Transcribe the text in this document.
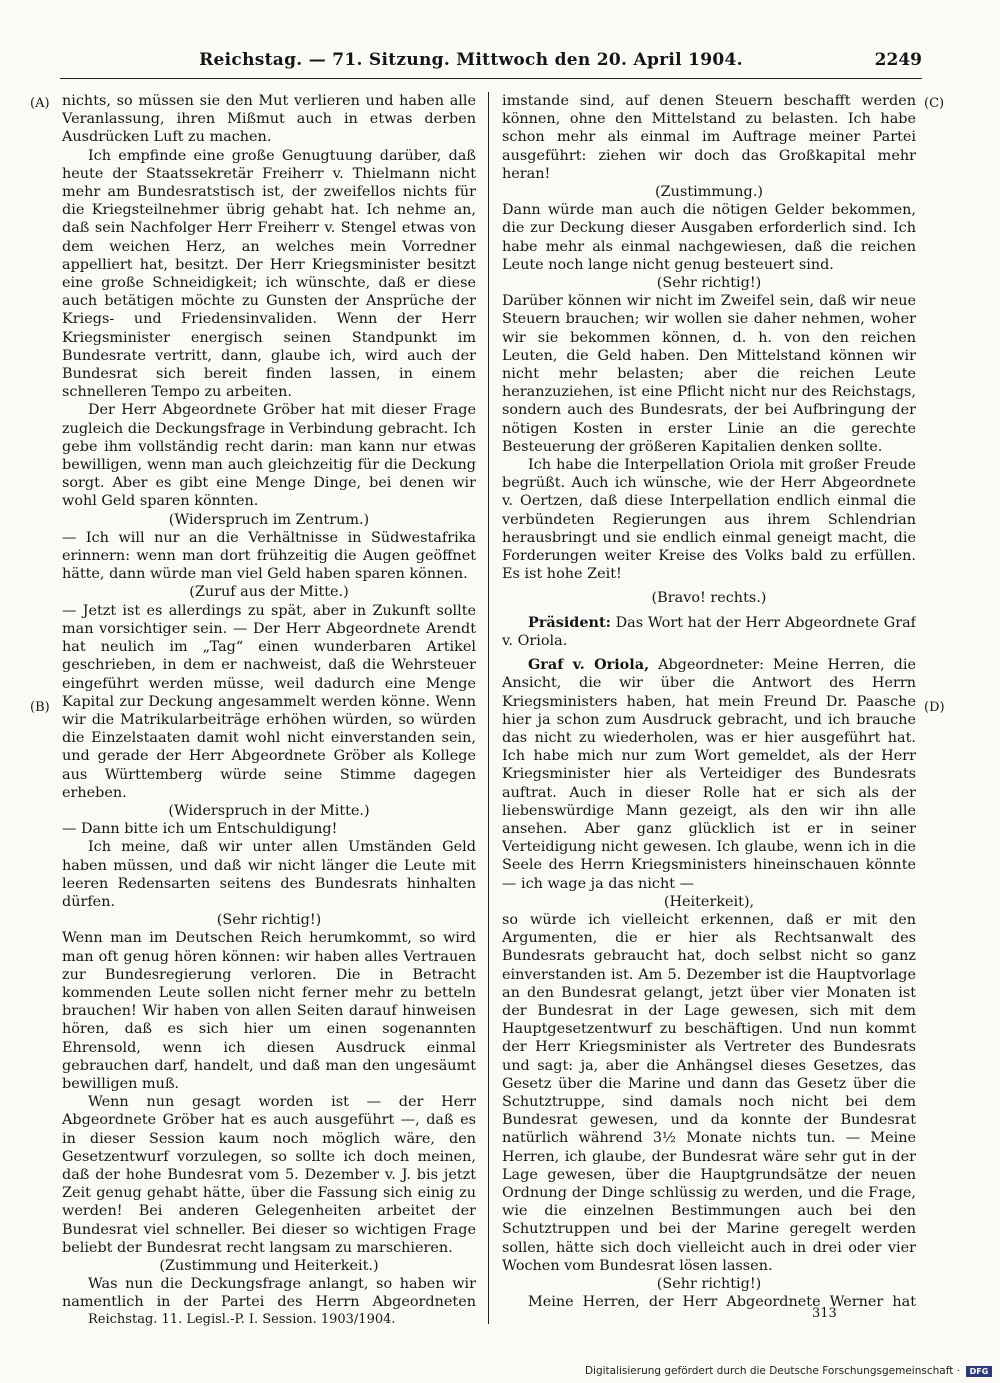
Reichstag. — 71. Sitzung. Mittwoch den 20. April 1904.	2249
(A)
(B)
(C)
(D)

nichts, so müssen sie den Mut verlieren und haben alle Veranlassung, ihren Mißmut auch in etwas derben Ausdrücken Luft zu machen.

Ich empfinde eine große Genugtuung darüber, daß heute der Staatssekretär Freiherr v. Thielmann nicht mehr am Bundesratstisch ist, der zweifellos nichts für die Kriegsteilnehmer übrig gehabt hat. Ich nehme an, daß sein Nachfolger Herr Freiherr v. Stengel etwas von dem weichen Herz, an welches mein Vorredner appelliert hat, besitzt. Der Herr Kriegsminister besitzt eine große Schneidigkeit; ich wünschte, daß er diese auch betätigen möchte zu Gunsten der Ansprüche der Kriegs- und Friedensinvaliden. Wenn der Herr Kriegsminister energisch seinen Standpunkt im Bundesrate vertritt, dann, glaube ich, wird auch der Bundesrat sich bereit finden lassen, in einem schnelleren Tempo zu arbeiten.

Der Herr Abgeordnete Gröber hat mit dieser Frage zugleich die Deckungsfrage in Verbindung gebracht. Ich gebe ihm vollständig recht darin: man kann nur etwas bewilligen, wenn man auch gleichzeitig für die Deckung sorgt. Aber es gibt eine Menge Dinge, bei denen wir wohl Geld sparen könnten.

(Widerspruch im Zentrum.)

— Ich will nur an die Verhältnisse in Südwestafrika erinnern: wenn man dort frühzeitig die Augen geöffnet hätte, dann würde man viel Geld haben sparen können.

(Zuruf aus der Mitte.)

— Jetzt ist es allerdings zu spät, aber in Zukunft sollte man vorsichtiger sein. — Der Herr Abgeordnete Arendt hat neulich im „Tag“ einen wunderbaren Artikel geschrieben, in dem er nachweist, daß die Wehrsteuer eingeführt werden müsse, weil dadurch eine Menge Kapital zur Deckung angesammelt werden könne. Wenn wir die Matrikularbeiträge erhöhen würden, so würden die Einzelstaaten damit wohl nicht einverstanden sein, und gerade der Herr Abgeordnete Gröber als Kollege aus Württemberg würde seine Stimme dagegen erheben.

(Widerspruch in der Mitte.)

— Dann bitte ich um Entschuldigung!

Ich meine, daß wir unter allen Umständen Geld haben müssen, und daß wir nicht länger die Leute mit leeren Redensarten seitens des Bundesrats hinhalten dürfen.

(Sehr richtig!)

Wenn man im Deutschen Reich herumkommt, so wird man oft genug hören können: wir haben alles Vertrauen zur Bundesregierung verloren. Die in Betracht kommenden Leute sollen nicht ferner mehr zu betteln brauchen! Wir haben von allen Seiten darauf hinweisen hören, daß es sich hier um einen sogenannten Ehrensold, wenn ich diesen Ausdruck einmal gebrauchen darf, handelt, und daß man den ungesäumt bewilligen muß.

Wenn nun gesagt worden ist — der Herr Abgeordnete Gröber hat es auch ausgeführt —, daß es in dieser Session kaum noch möglich wäre, den Gesetzentwurf vorzulegen, so sollte ich doch meinen, daß der hohe Bundesrat vom 5. Dezember v. J. bis jetzt Zeit genug gehabt hätte, über die Fassung sich einig zu werden! Bei anderen Gelegenheiten arbeitet der Bundesrat viel schneller. Bei dieser so wichtigen Frage beliebt der Bundesrat recht langsam zu marschieren.

(Zustimmung und Heiterkeit.)

Was nun die Deckungsfrage anlangt, so haben wir namentlich in der Partei des Herrn Abgeordneten

imstande sind, auf denen Steuern beschafft werden können, ohne den Mittelstand zu belasten. Ich habe schon mehr als einmal im Auftrage meiner Partei ausgeführt: ziehen wir doch das Großkapital mehr heran!

(Zustimmung.)

Dann würde man auch die nötigen Gelder bekommen, die zur Deckung dieser Ausgaben erforderlich sind. Ich habe mehr als einmal nachgewiesen, daß die reichen Leute noch lange nicht genug besteuert sind.

(Sehr richtig!)

Darüber können wir nicht im Zweifel sein, daß wir neue Steuern brauchen; wir wollen sie daher nehmen, woher wir sie bekommen können, d. h. von den reichen Leuten, die Geld haben. Den Mittelstand können wir nicht mehr belasten; aber die reichen Leute heranzuziehen, ist eine Pflicht nicht nur des Reichstags, sondern auch des Bundesrats, der bei Aufbringung der nötigen Kosten in erster Linie an die gerechte Besteuerung der größeren Kapitalien denken sollte.

Ich habe die Interpellation Oriola mit großer Freude begrüßt. Auch ich wünsche, wie der Herr Abgeordnete v. Oertzen, daß diese Interpellation endlich einmal die verbündeten Regierungen aus ihrem Schlendrian herausbringt und sie endlich einmal geneigt macht, die Forderungen weiter Kreise des Volks bald zu erfüllen. Es ist hohe Zeit!

(Bravo! rechts.)

Präsident: Das Wort hat der Herr Abgeordnete Graf v. Oriola.

Graf v. Oriola, Abgeordneter: Meine Herren, die Ansicht, die wir über die Antwort des Herrn Kriegsministers haben, hat mein Freund Dr. Paasche hier ja schon zum Ausdruck gebracht, und ich brauche das nicht zu wiederholen, was er hier ausgeführt hat. Ich habe mich nur zum Wort gemeldet, als der Herr Kriegsminister hier als Verteidiger des Bundesrats auftrat. Auch in dieser Rolle hat er sich als der liebenswürdige Mann gezeigt, als den wir ihn alle ansehen. Aber ganz glücklich ist er in seiner Verteidigung nicht gewesen. Ich glaube, wenn ich in die Seele des Herrn Kriegsministers hineinschauen könnte — ich wage ja das nicht —

(Heiterkeit),

so würde ich vielleicht erkennen, daß er mit den Argumenten, die er hier als Rechtsanwalt des Bundesrats gebraucht hat, doch selbst nicht so ganz einverstanden ist. Am 5. Dezember ist die Hauptvorlage an den Bundesrat gelangt, jetzt über vier Monaten ist der Bundesrat in der Lage gewesen, sich mit dem Hauptgesetzentwurf zu beschäftigen. Und nun kommt der Herr Kriegsminister als Vertreter des Bundesrats und sagt: ja, aber die Anhängsel dieses Gesetzes, das Gesetz über die Marine und dann das Gesetz über die Schutztruppe, sind damals noch nicht bei dem Bundesrat gewesen, und da konnte der Bundesrat natürlich während 3½ Monate nichts tun. — Meine Herren, ich glaube, der Bundesrat wäre sehr gut in der Lage gewesen, über die Hauptgrundsätze der neuen Ordnung der Dinge schlüssig zu werden, und die Frage, wie die einzelnen Bestimmungen auch bei den Schutztruppen und bei der Marine geregelt werden sollen, hätte sich doch vielleicht auch in drei oder vier Wochen vom Bundesrat lösen lassen.

(Sehr richtig!)

Meine Herren, der Herr Abgeordnete Werner hat

Reichstag. 11. Legisl.-P. I. Session. 1903/1904.	313
Digitalisierung gefördert durch die Deutsche Forschungsgemeinschaft ·	DFG
